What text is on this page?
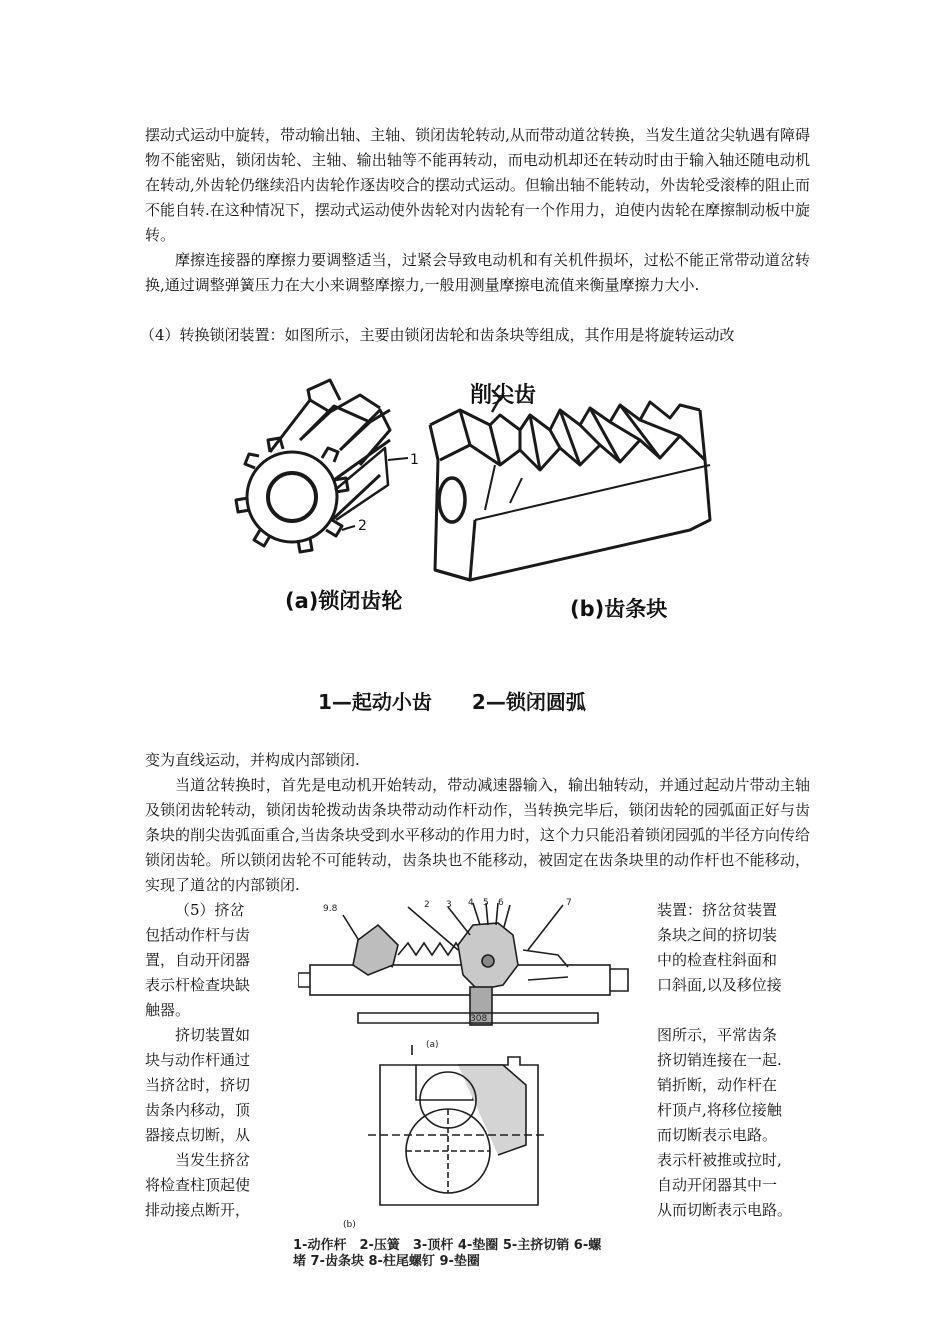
摆动式运动中旋转，带动输出轴、主轴、锁闭齿轮转动,从而带动道岔转换，当发生道岔尖轨遇有障碍物不能密贴，锁闭齿轮、主轴、输出轴等不能再转动，而电动机却还在转动时由于输入轴还随电动机在转动,外齿轮仍继续沿内齿轮作逐齿咬合的摆动式运动。但输出轴不能转动，外齿轮受滚棒的阻止而不能自转.在这种情况下，摆动式运动使外齿轮对内齿轮有一个作用力，迫使内齿轮在摩擦制动板中旋转。

摩擦连接器的摩擦力要调整适当，过紧会导致电动机和有关机件损坏，过松不能正常带动道岔转换,通过调整弹簧压力在大小来调整摩擦力,一般用测量摩擦电流值来衡量摩擦力大小.

（4）转换锁闭装置：如图所示，主要由锁闭齿轮和齿条块等组成，其作用是将旋转运动改
削尖齿
1
2
(a)锁闭齿轮	(b)齿条块
1—起动小齿　　2—锁闭圆弧
变为直线运动，并构成内部锁闭.

当道岔转换时，首先是电动机开始转动，带动减速器输入，输出轴转动，并通过起动片带动主轴及锁闭齿轮转动，锁闭齿轮拨动齿条块带动动作杆动作，当转换完毕后，锁闭齿轮的园弧面正好与齿条块的削尖齿弧面重合,当齿条块受到水平移动的作用力时，这个力只能沿着锁闭园弧的半径方向传给锁闭齿轮。所以锁闭齿轮不可能转动，齿条块也不能移动，被固定在齿条块里的动作杆也不能移动，实现了道岔的内部锁闭.

（5）挤岔
包括动作杆与齿
置，自动开闭器
表示杆检查块缺
触器。
挤切装置如
块与动作杆通过
当挤岔时，挤切
齿条内移动，顶
器接点切断，从
当发生挤岔
将检查柱顶起使
排动接点断开，
装置：挤岔贫装置
条块之间的挤切装
中的检查柱斜面和
口斜面,以及移位接
图所示，平常齿条
挤切销连接在一起.
销折断，动作杆在
杆顶卢,将移位接触
而切断表示电路。
表示杆被推或拉时,
自动开闭器其中一
从而切断表示电路。
9.8	2 3 4 5 6	7
308
(a)
(b)
1-动作杆　2-压簧　3-顶杆 4-垫圈 5-主挤切销 6-螺
堵 7-齿条块 8-柱尾螺钉 9-垫圈
